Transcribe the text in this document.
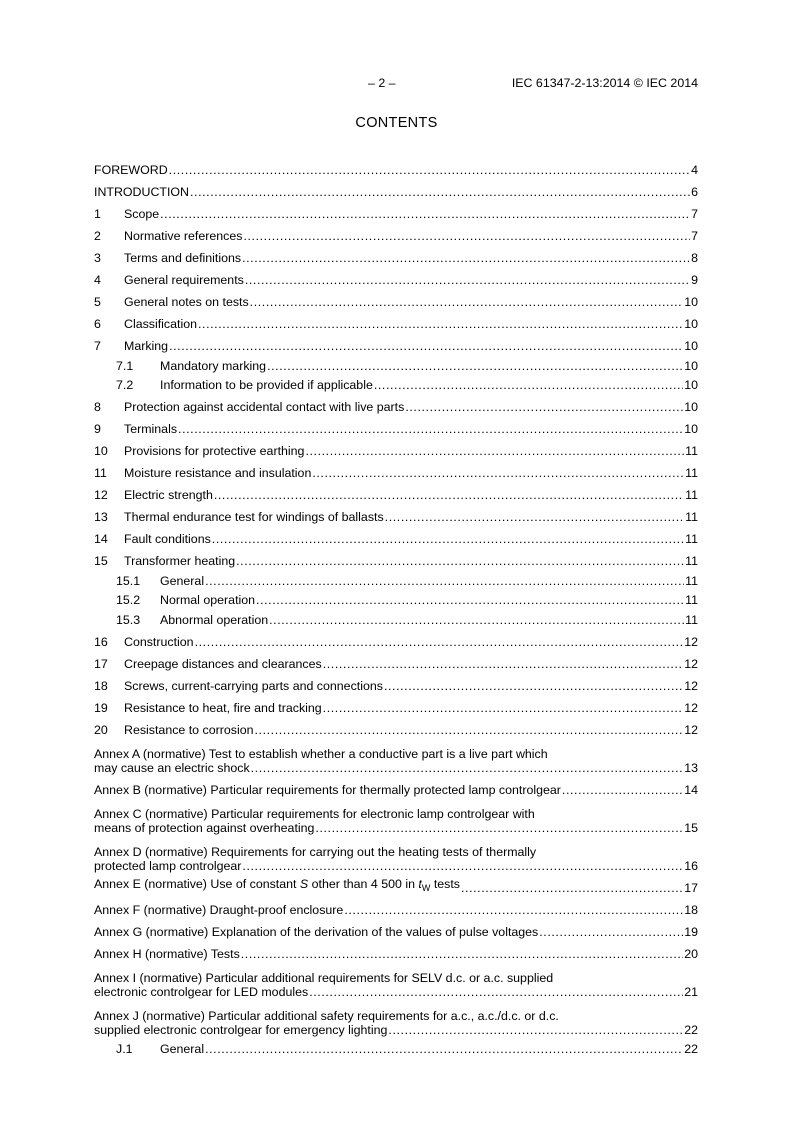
– 2 –	IEC 61347-2-13:2014 © IEC 2014
CONTENTS
FOREWORD .....	4
INTRODUCTION .....	6
1	Scope .....	7
2	Normative references .....	7
3	Terms and definitions .....	8
4	General requirements .....	9
5	General notes on tests .....	10
6	Classification .....	10
7	Marking .....	10
7.1	Mandatory marking .....	10
7.2	Information to be provided if applicable .....	10
8	Protection against accidental contact with live parts .....	10
9	Terminals .....	10
10	Provisions for protective earthing .....	11
11	Moisture resistance and insulation .....	11
12	Electric strength .....	11
13	Thermal endurance test for windings of ballasts .....	11
14	Fault conditions .....	11
15	Transformer heating .....	11
15.1	General .....	11
15.2	Normal operation .....	11
15.3	Abnormal operation .....	11
16	Construction .....	12
17	Creepage distances and clearances .....	12
18	Screws, current-carrying parts and connections .....	12
19	Resistance to heat, fire and tracking .....	12
20	Resistance to corrosion .....	12
Annex A (normative) Test to establish whether a conductive part is a live part which
may cause an electric shock .....	13
Annex B (normative) Particular requirements for thermally protected lamp controlgear .....	14
Annex C (normative) Particular requirements for electronic lamp controlgear with
means of protection against overheating .....	15
Annex D (normative) Requirements for carrying out the heating tests of thermally
protected lamp controlgear .....	16
Annex E (normative) Use of constant S other than 4 500 in $t_W$ tests .....	17
Annex F (normative) Draught-proof enclosure .....	18
Annex G (normative) Explanation of the derivation of the values of pulse voltages .....	19
Annex H (normative) Tests .....	20
Annex I (normative) Particular additional requirements for SELV d.c. or a.c. supplied
electronic controlgear for LED modules .....	21
Annex J (normative) Particular additional safety requirements for a.c., a.c./d.c. or d.c.
supplied electronic controlgear for emergency lighting .....	22
J.1	General .....	22
